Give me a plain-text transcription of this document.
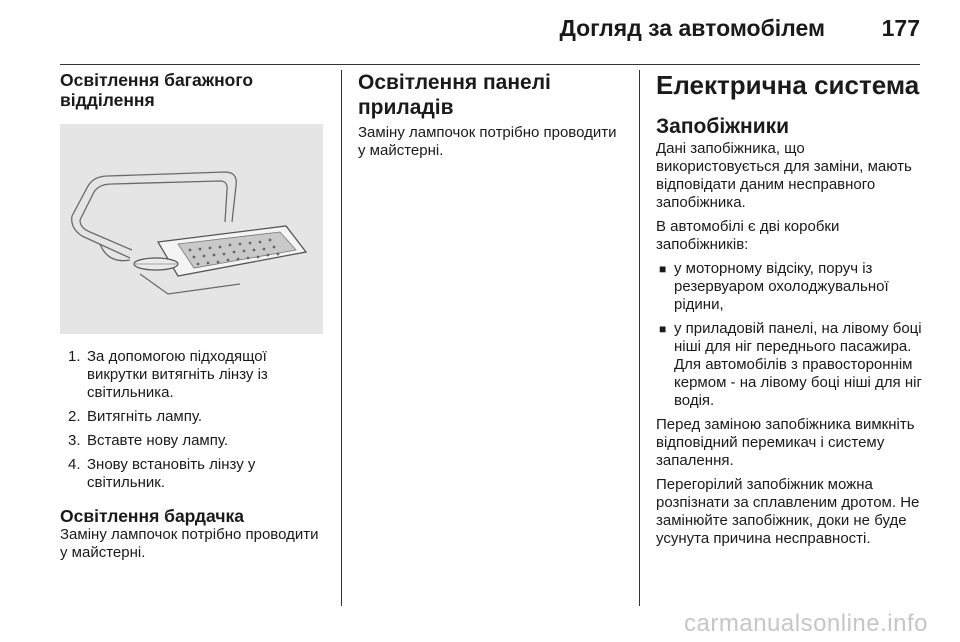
Догляд за автомобілем 177
Освітлення багажного відділення
1. За допомогою підходящої викрутки витягніть лінзу із світильника.
2. Витягніть лампу.
3. Вставте нову лампу.
4. Знову встановіть лінзу у світильник.
Освітлення бардачка

Заміну лампочок потрібно проводити у майстерні.

Освітлення панелі приладів

Заміну лампочок потрібно проводити у майстерні.

Електрична система
Запобіжники

Дані запобіжника, що використовується для заміни, мають відповідати даним несправного запобіжника.

В автомобілі є дві коробки запобіжників:

■ у моторному відсіку, поруч із резервуаром охолоджувальної рідини,
■ у приладовій панелі, на лівому боці ніші для ніг переднього пасажира. Для автомобілів з правостороннім кермом - на лівому боці ніші для ніг водія.

Перед заміною запобіжника вимкніть відповідний перемикач і систему запалення.

Перегорілий запобіжник можна розпізнати за сплавленим дротом. Не замінюйте запобіжник, доки не буде усунута причина несправності.

carmanualsonline.info
